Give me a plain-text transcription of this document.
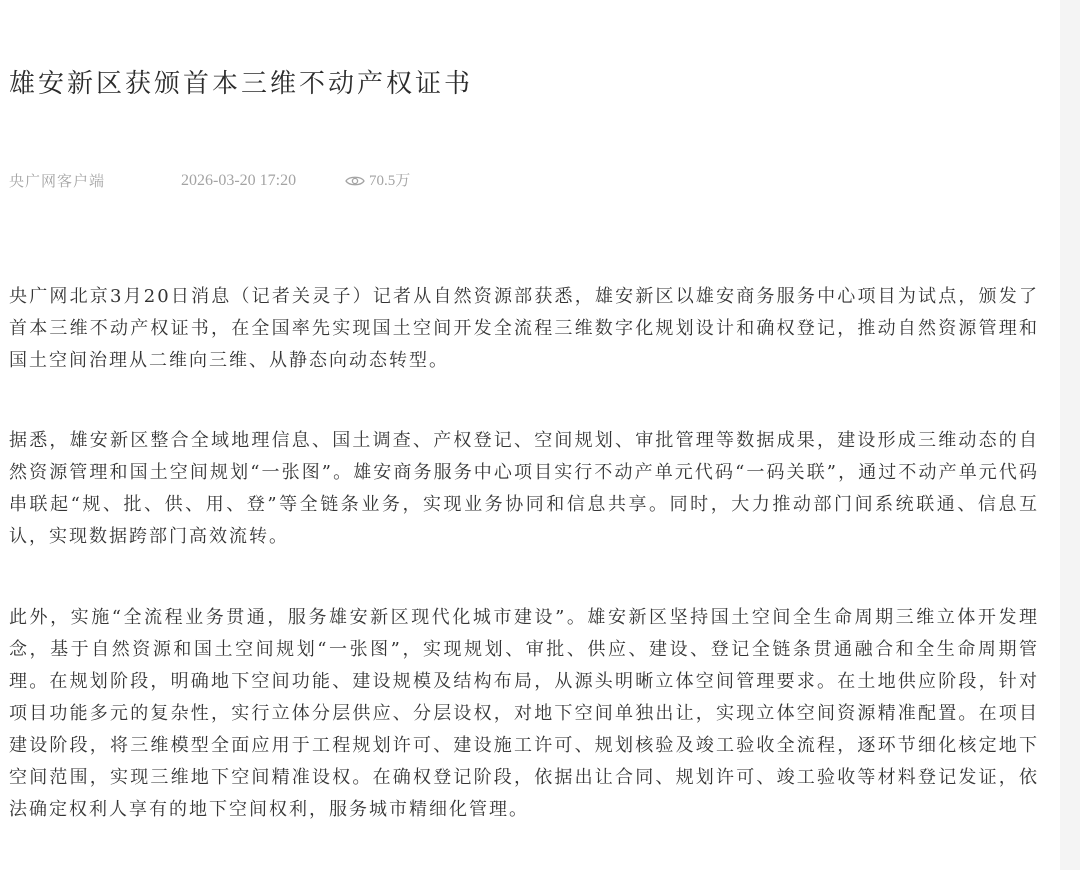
雄安新区获颁首本三维不动产权证书
央广网客户端	2026-03-20 17:20	70.5万

央广网北京3月20日消息（记者关灵子）记者从自然资源部获悉，雄安新区以雄安商务服务中心项目为试点，颁发了首本三维不动产权证书，在全国率先实现国土空间开发全流程三维数字化规划设计和确权登记，推动自然资源管理和国土空间治理从二维向三维、从静态向动态转型。

据悉，雄安新区整合全域地理信息、国土调查、产权登记、空间规划、审批管理等数据成果，建设形成三维动态的自然资源管理和国土空间规划“一张图”。雄安商务服务中心项目实行不动产单元代码“一码关联”，通过不动产单元代码串联起“规、批、供、用、登”等全链条业务，实现业务协同和信息共享。同时，大力推动部门间系统联通、信息互认，实现数据跨部门高效流转。

此外，实施“全流程业务贯通，服务雄安新区现代化城市建设”。雄安新区坚持国土空间全生命周期三维立体开发理念，基于自然资源和国土空间规划“一张图”，实现规划、审批、供应、建设、登记全链条贯通融合和全生命周期管理。在规划阶段，明确地下空间功能、建设规模及结构布局，从源头明晰立体空间管理要求。在土地供应阶段，针对项目功能多元的复杂性，实行立体分层供应、分层设权，对地下空间单独出让，实现立体空间资源精准配置。在项目建设阶段，将三维模型全面应用于工程规划许可、建设施工许可、规划核验及竣工验收全流程，逐环节细化核定地下空间范围，实现三维地下空间精准设权。在确权登记阶段，依据出让合同、规划许可、竣工验收等材料登记发证，依法确定权利人享有的地下空间权利，服务城市精细化管理。
